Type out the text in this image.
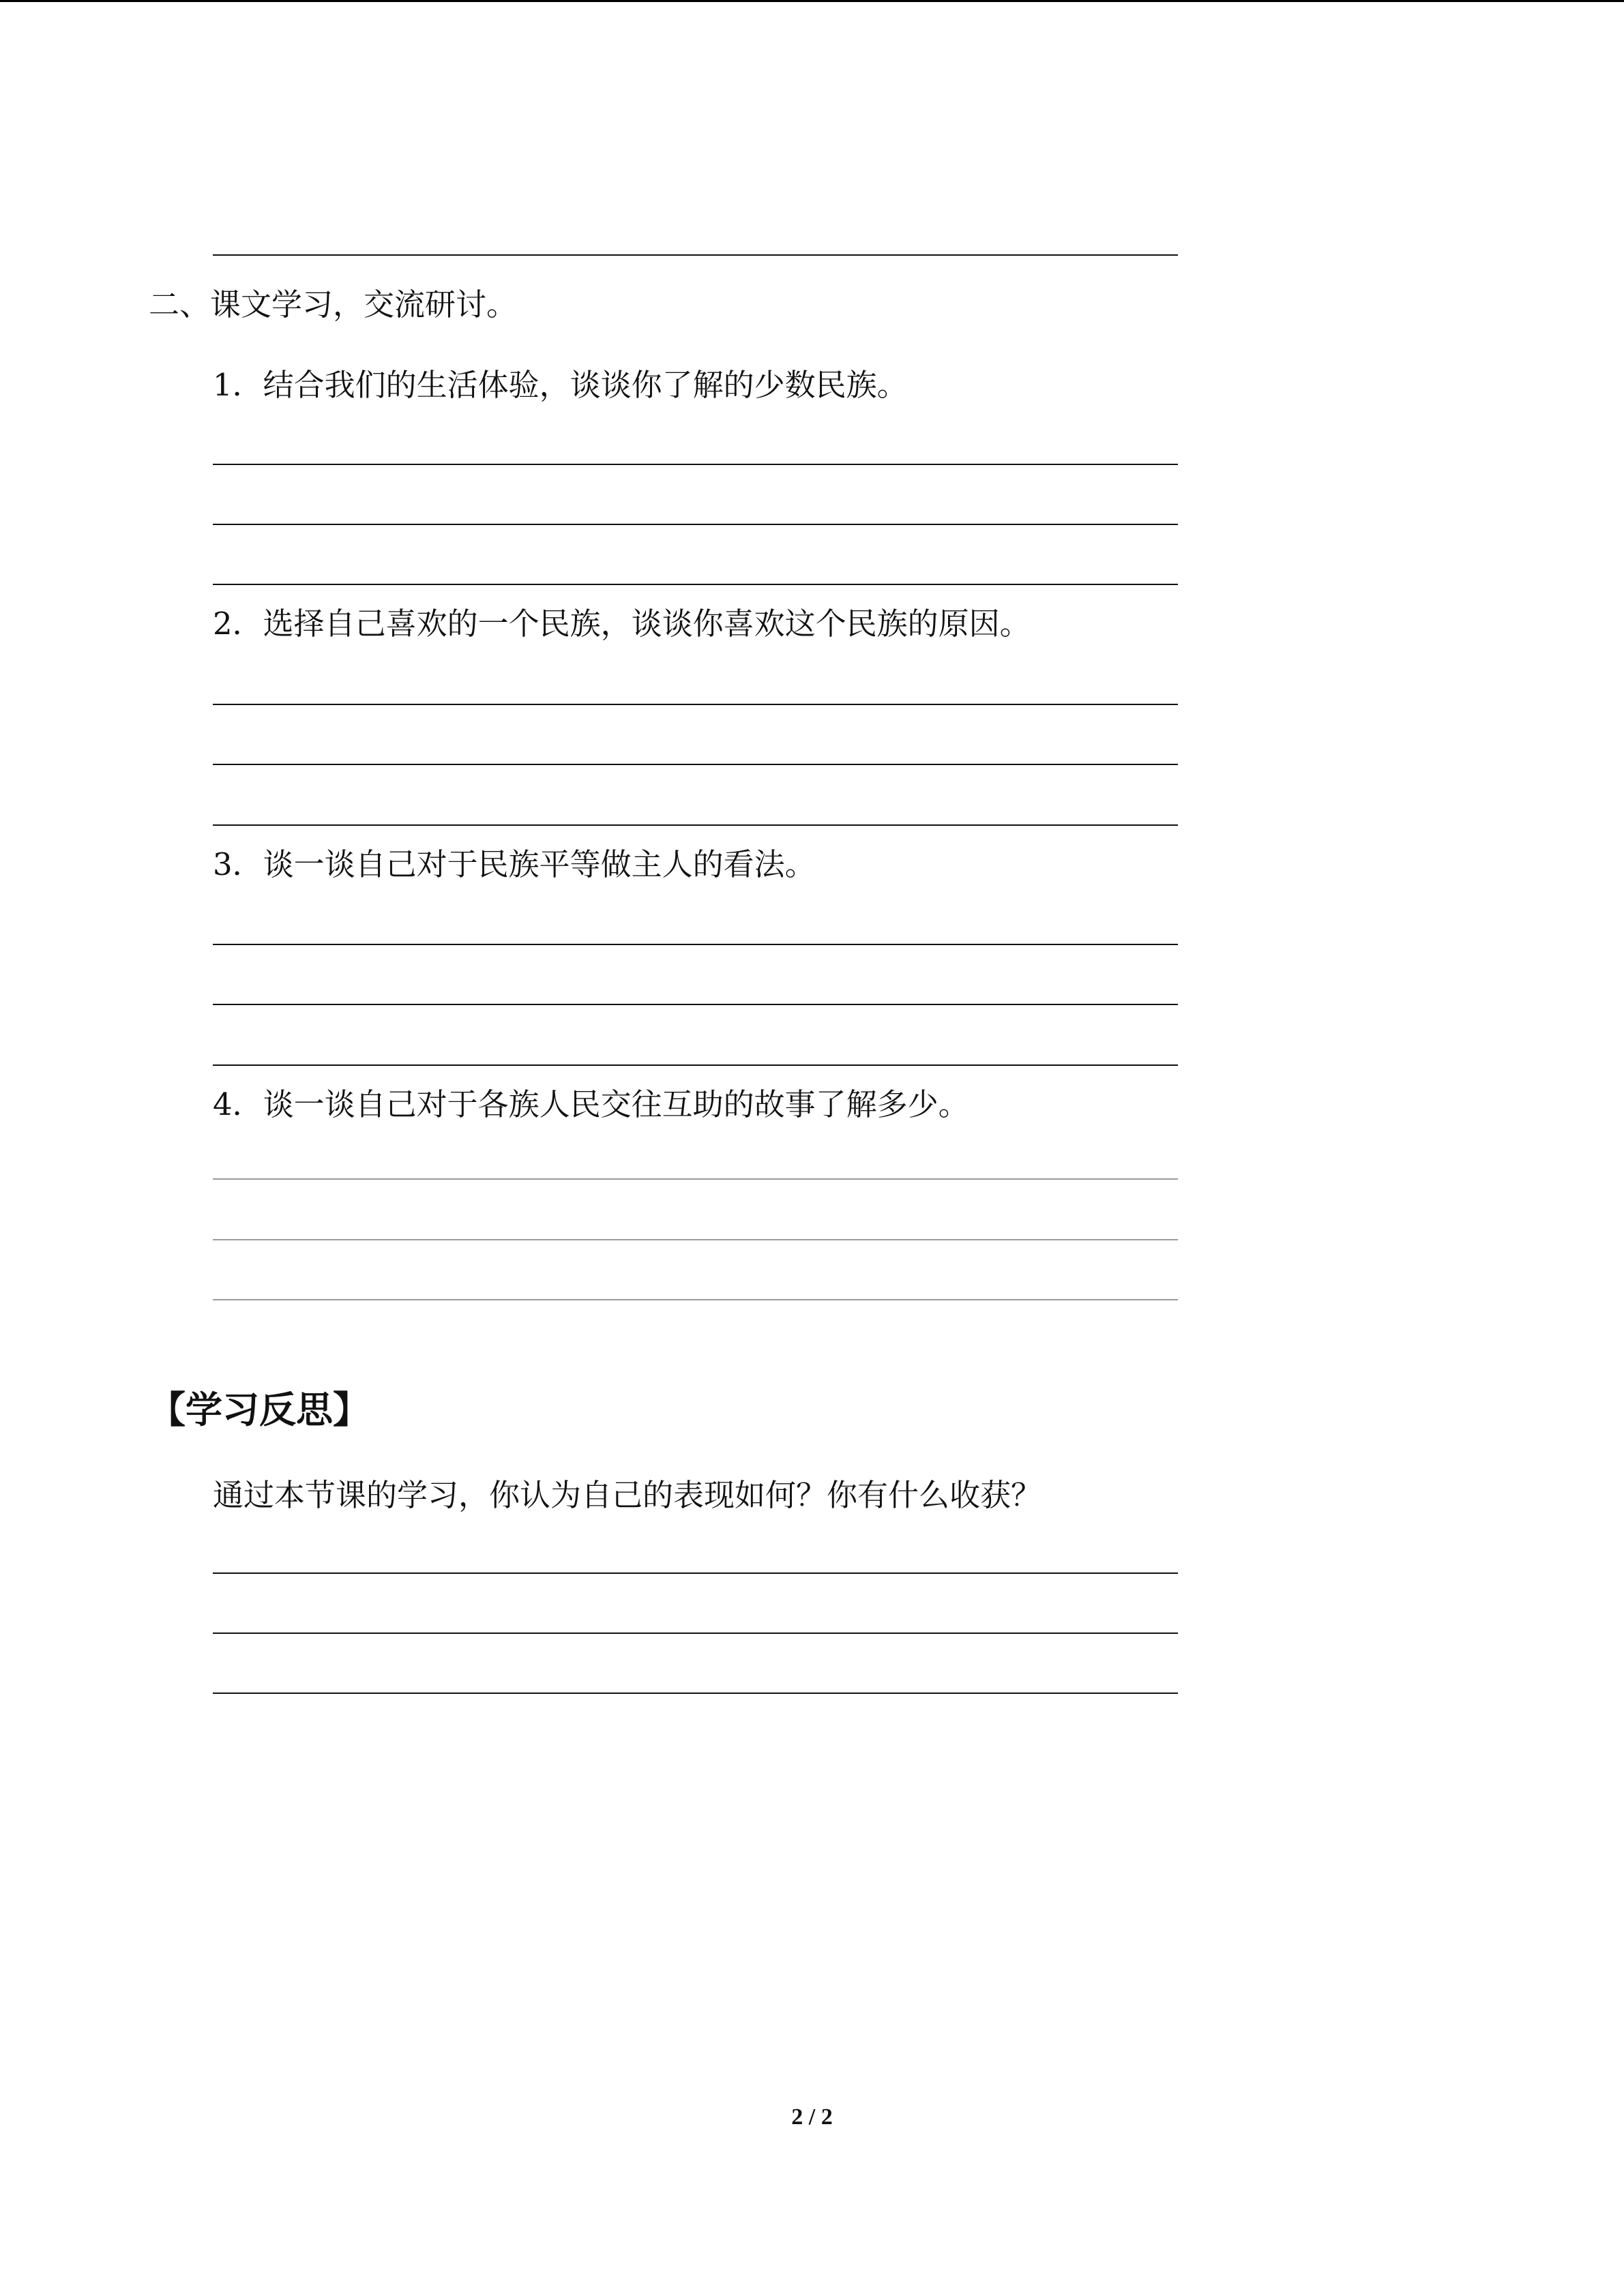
二、课文学习，交流研讨。
1．结合我们的生活体验，谈谈你了解的少数民族。
2．选择自己喜欢的一个民族，谈谈你喜欢这个民族的原因。
3．谈一谈自己对于民族平等做主人的看法。
4．谈一谈自己对于各族人民交往互助的故事了解多少。
【学习反思】
通过本节课的学习，你认为自己的表现如何？你有什么收获？
2 / 2
